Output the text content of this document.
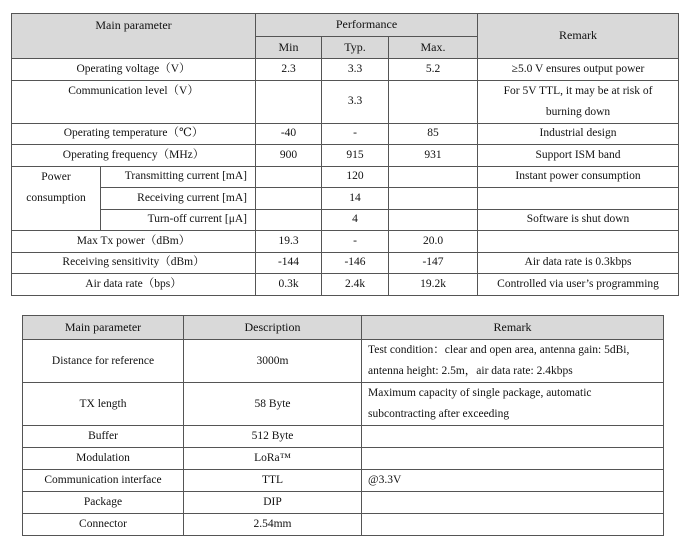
Main parameter		Performance			Remark
		Min	Typ.	Max.	
Operating voltage（V）		2.3	3.3	5.2	≥5.0 V ensures output power
Communication level（V）			3.3		For 5V TTL, it may be at risk of
burning down

Operating temperature（℃）		-40	-	85	Industrial design
Operating frequency（MHz）		900	915	931	Support ISM band

Power
consumption	Transmitting current [mA]		120		Instant power consumption
	Receiving current [mA]		14		
	Turn-off current [μA]		4		Software is shut down
Max Tx power（dBm）		19.3	-	20.0	
Receiving sensitivity（dBm）		-144	-146	-147	Air data rate is 0.3kbps
Air data rate（bps）		0.3k	2.4k	19.2k	Controlled via user’s programming
Main parameter	Description	Remark
Distance for reference	3000m	Test condition：clear and open area, antenna gain: 5dBi,
antenna height: 2.5m，air data rate: 2.4kbps

TX length	58 Byte	Maximum capacity of single package, automatic
subcontracting after exceeding

Buffer	512 Byte	
Modulation	LoRa™	
Communication interface	TTL	@3.3V
Package	DIP	
Connector	2.54mm	
